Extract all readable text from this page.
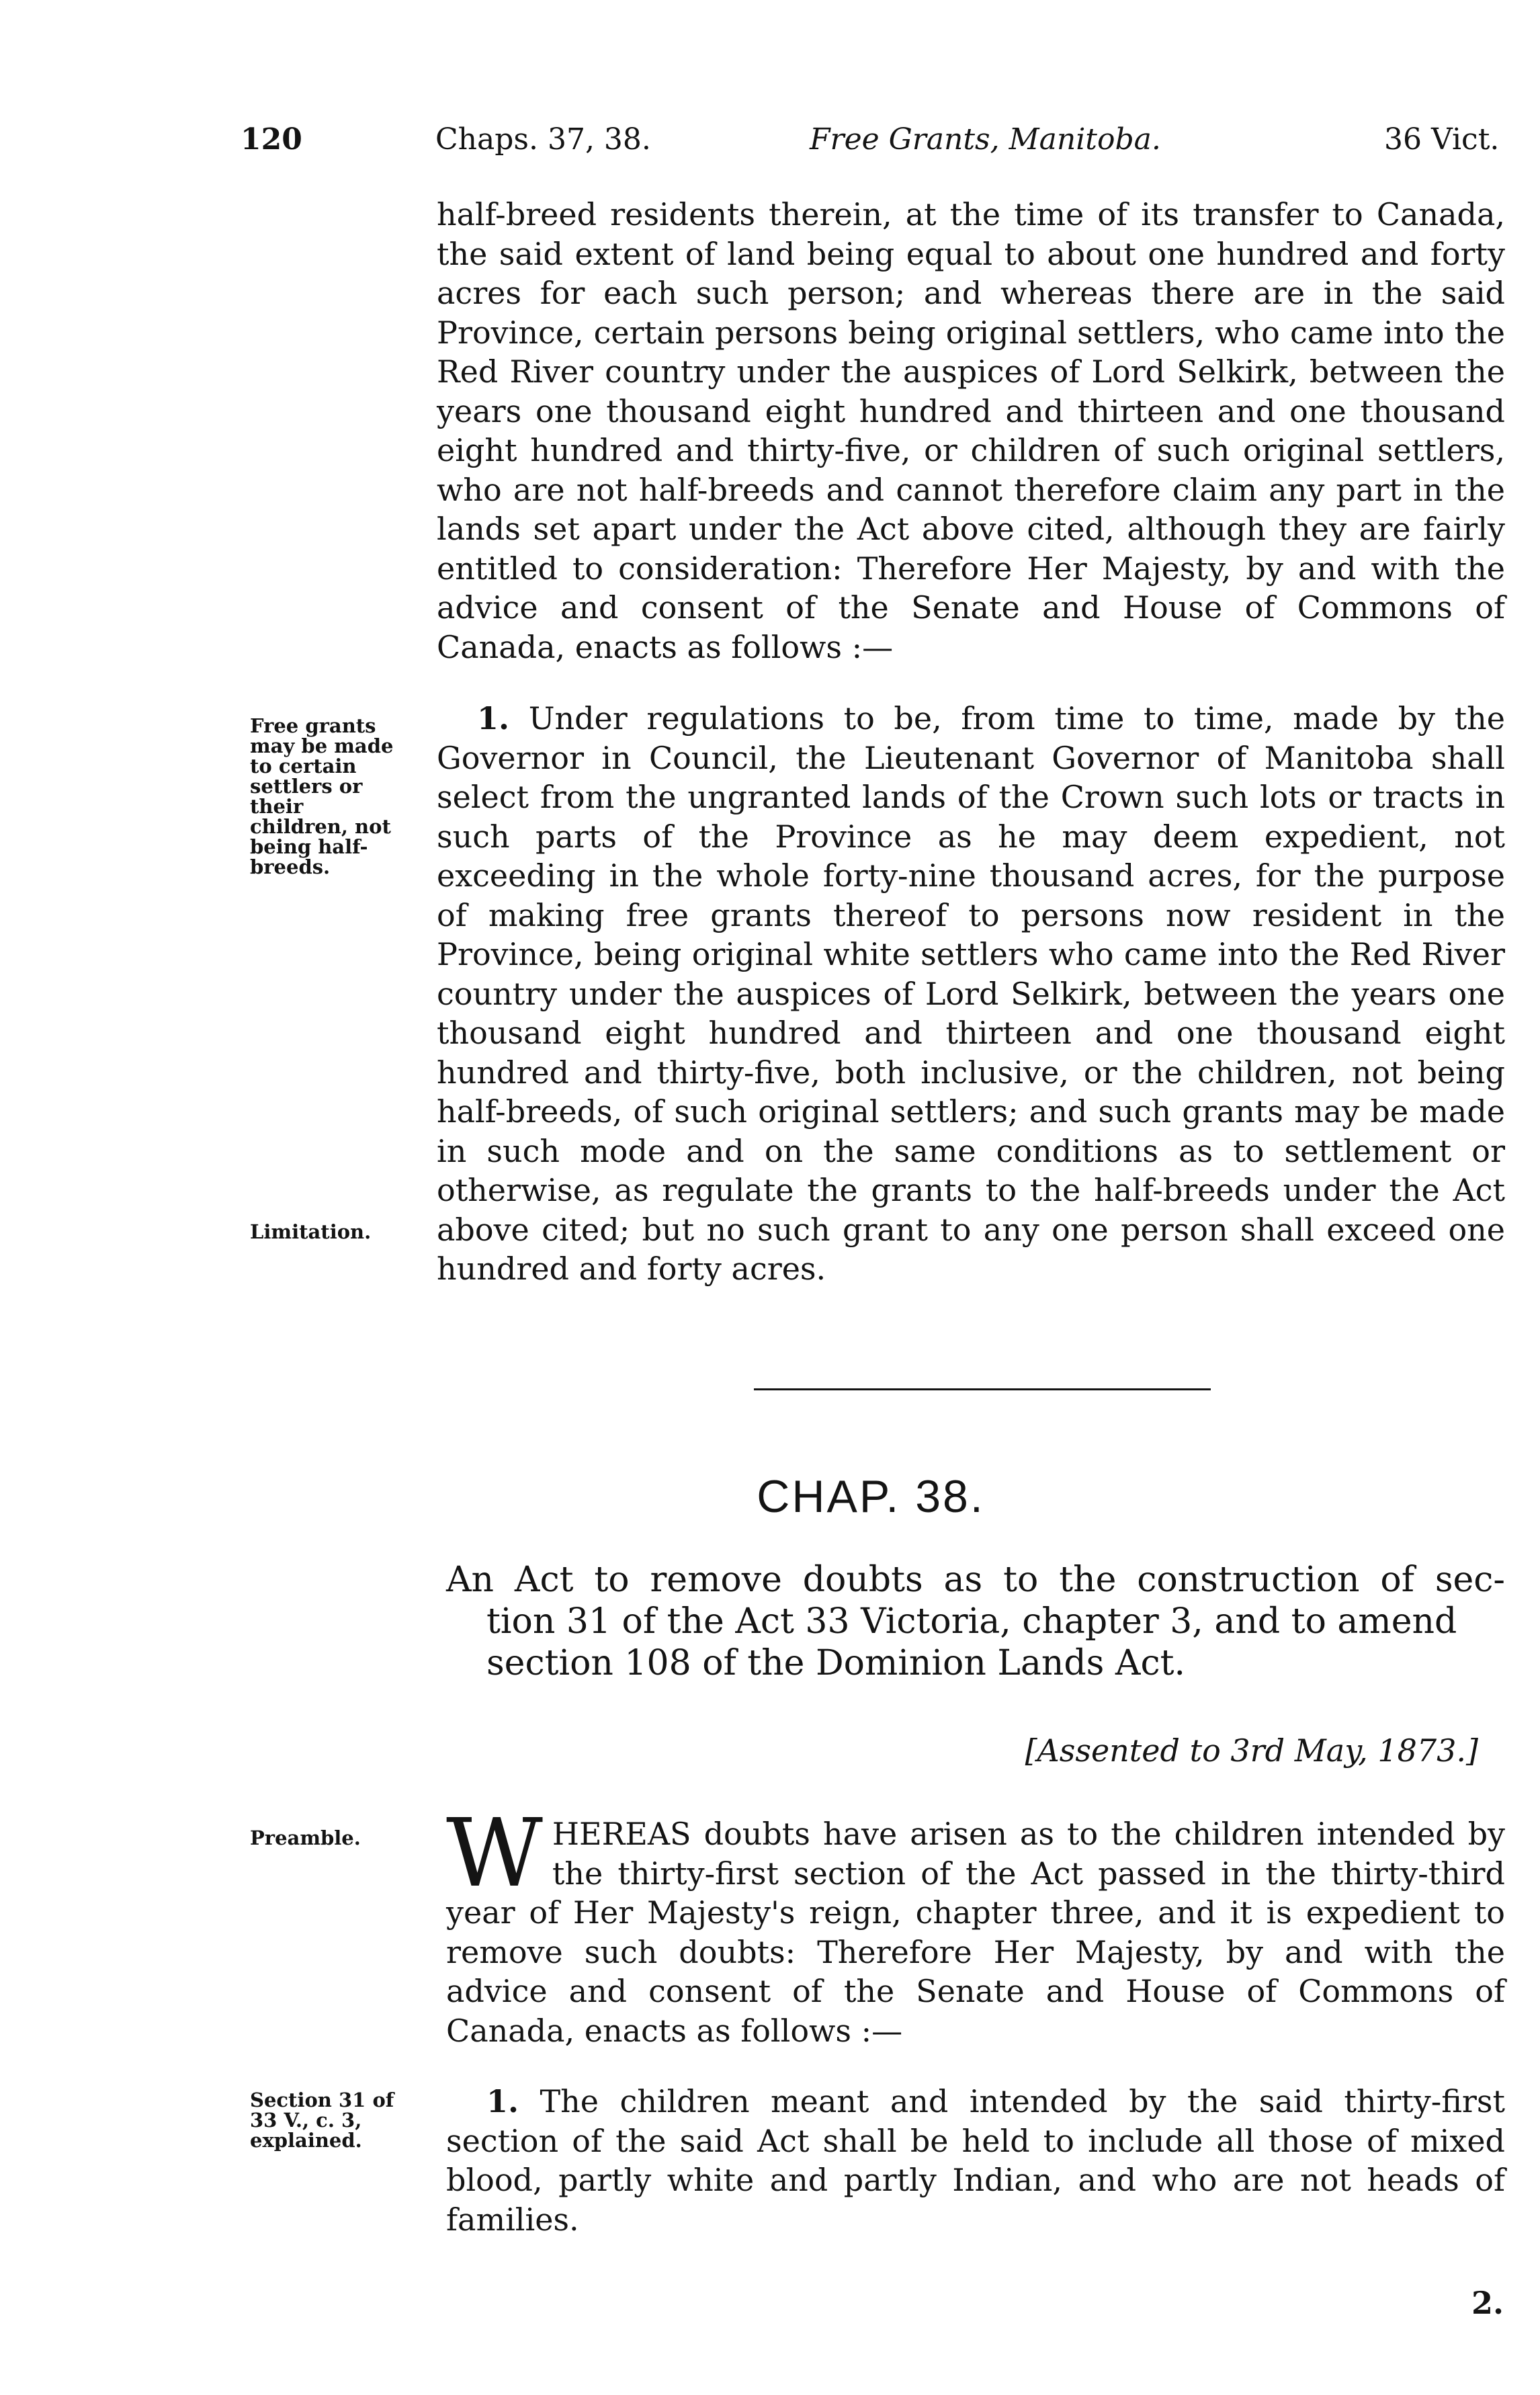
120	Chaps. 37, 38.	Free Grants, Manitoba.	36 Vict.

half-breed residents therein, at the time of its transfer to Canada, the said extent of land being equal to about one hundred and forty acres for each such person; and whereas there are in the said Province, certain persons being original settlers, who came into the Red River country under the auspices of Lord Selkirk, between the years one thousand eight hundred and thirteen and one thousand eight hundred and thirty-five, or children of such original settlers, who are not half-breeds and cannot therefore claim any part in the lands set apart under the Act above cited, although they are fairly entitled to consideration: Therefore Her Majesty, by and with the advice and consent of the Senate and House of Commons of Canada, enacts as follows :—

Free grants may be made to certain settlers or their children, not being half-breeds.

1. Under regulations to be, from time to time, made by the Governor in Council, the Lieutenant Governor of Manitoba shall select from the ungranted lands of the Crown such lots or tracts in such parts of the Province as he may deem expedient, not exceeding in the whole forty-nine thousand acres, for the purpose of making free grants thereof to persons now resident in the Province, being original white settlers who came into the Red River country under the auspices of Lord Selkirk, between the years one thousand eight hundred and thirteen and one thousand eight hundred and thirty-five, both inclusive, or the children, not being half-breeds, of such original settlers; and such grants may be made in such mode and on the same conditions as to settlement or otherwise, as regulate the grants to the half-breeds under the Act above cited; but no such grant to any one person shall exceed one hundred and forty acres.

Limitation.
CHAP. 38.
An Act to remove doubts as to the construction of sec-
tion 31 of the Act 33 Victoria, chapter 3, and to amend
section 108 of the Dominion Lands Act.
[Assented to 3rd May, 1873.]
Preamble. WHEREAS doubts have arisen as to the children intended by the thirty-first section of the Act passed in the thirty-third year of Her Majesty's reign, chapter three, and it is expedient to remove such doubts: Therefore Her Majesty, by and with the advice and consent of the Senate and House of Commons of Canada, enacts as follows :—

Section 31 of 33 V., c. 3, explained.

1. The children meant and intended by the said thirty-first section of the said Act shall be held to include all those of mixed blood, partly white and partly Indian, and who are not heads of families.

2.
